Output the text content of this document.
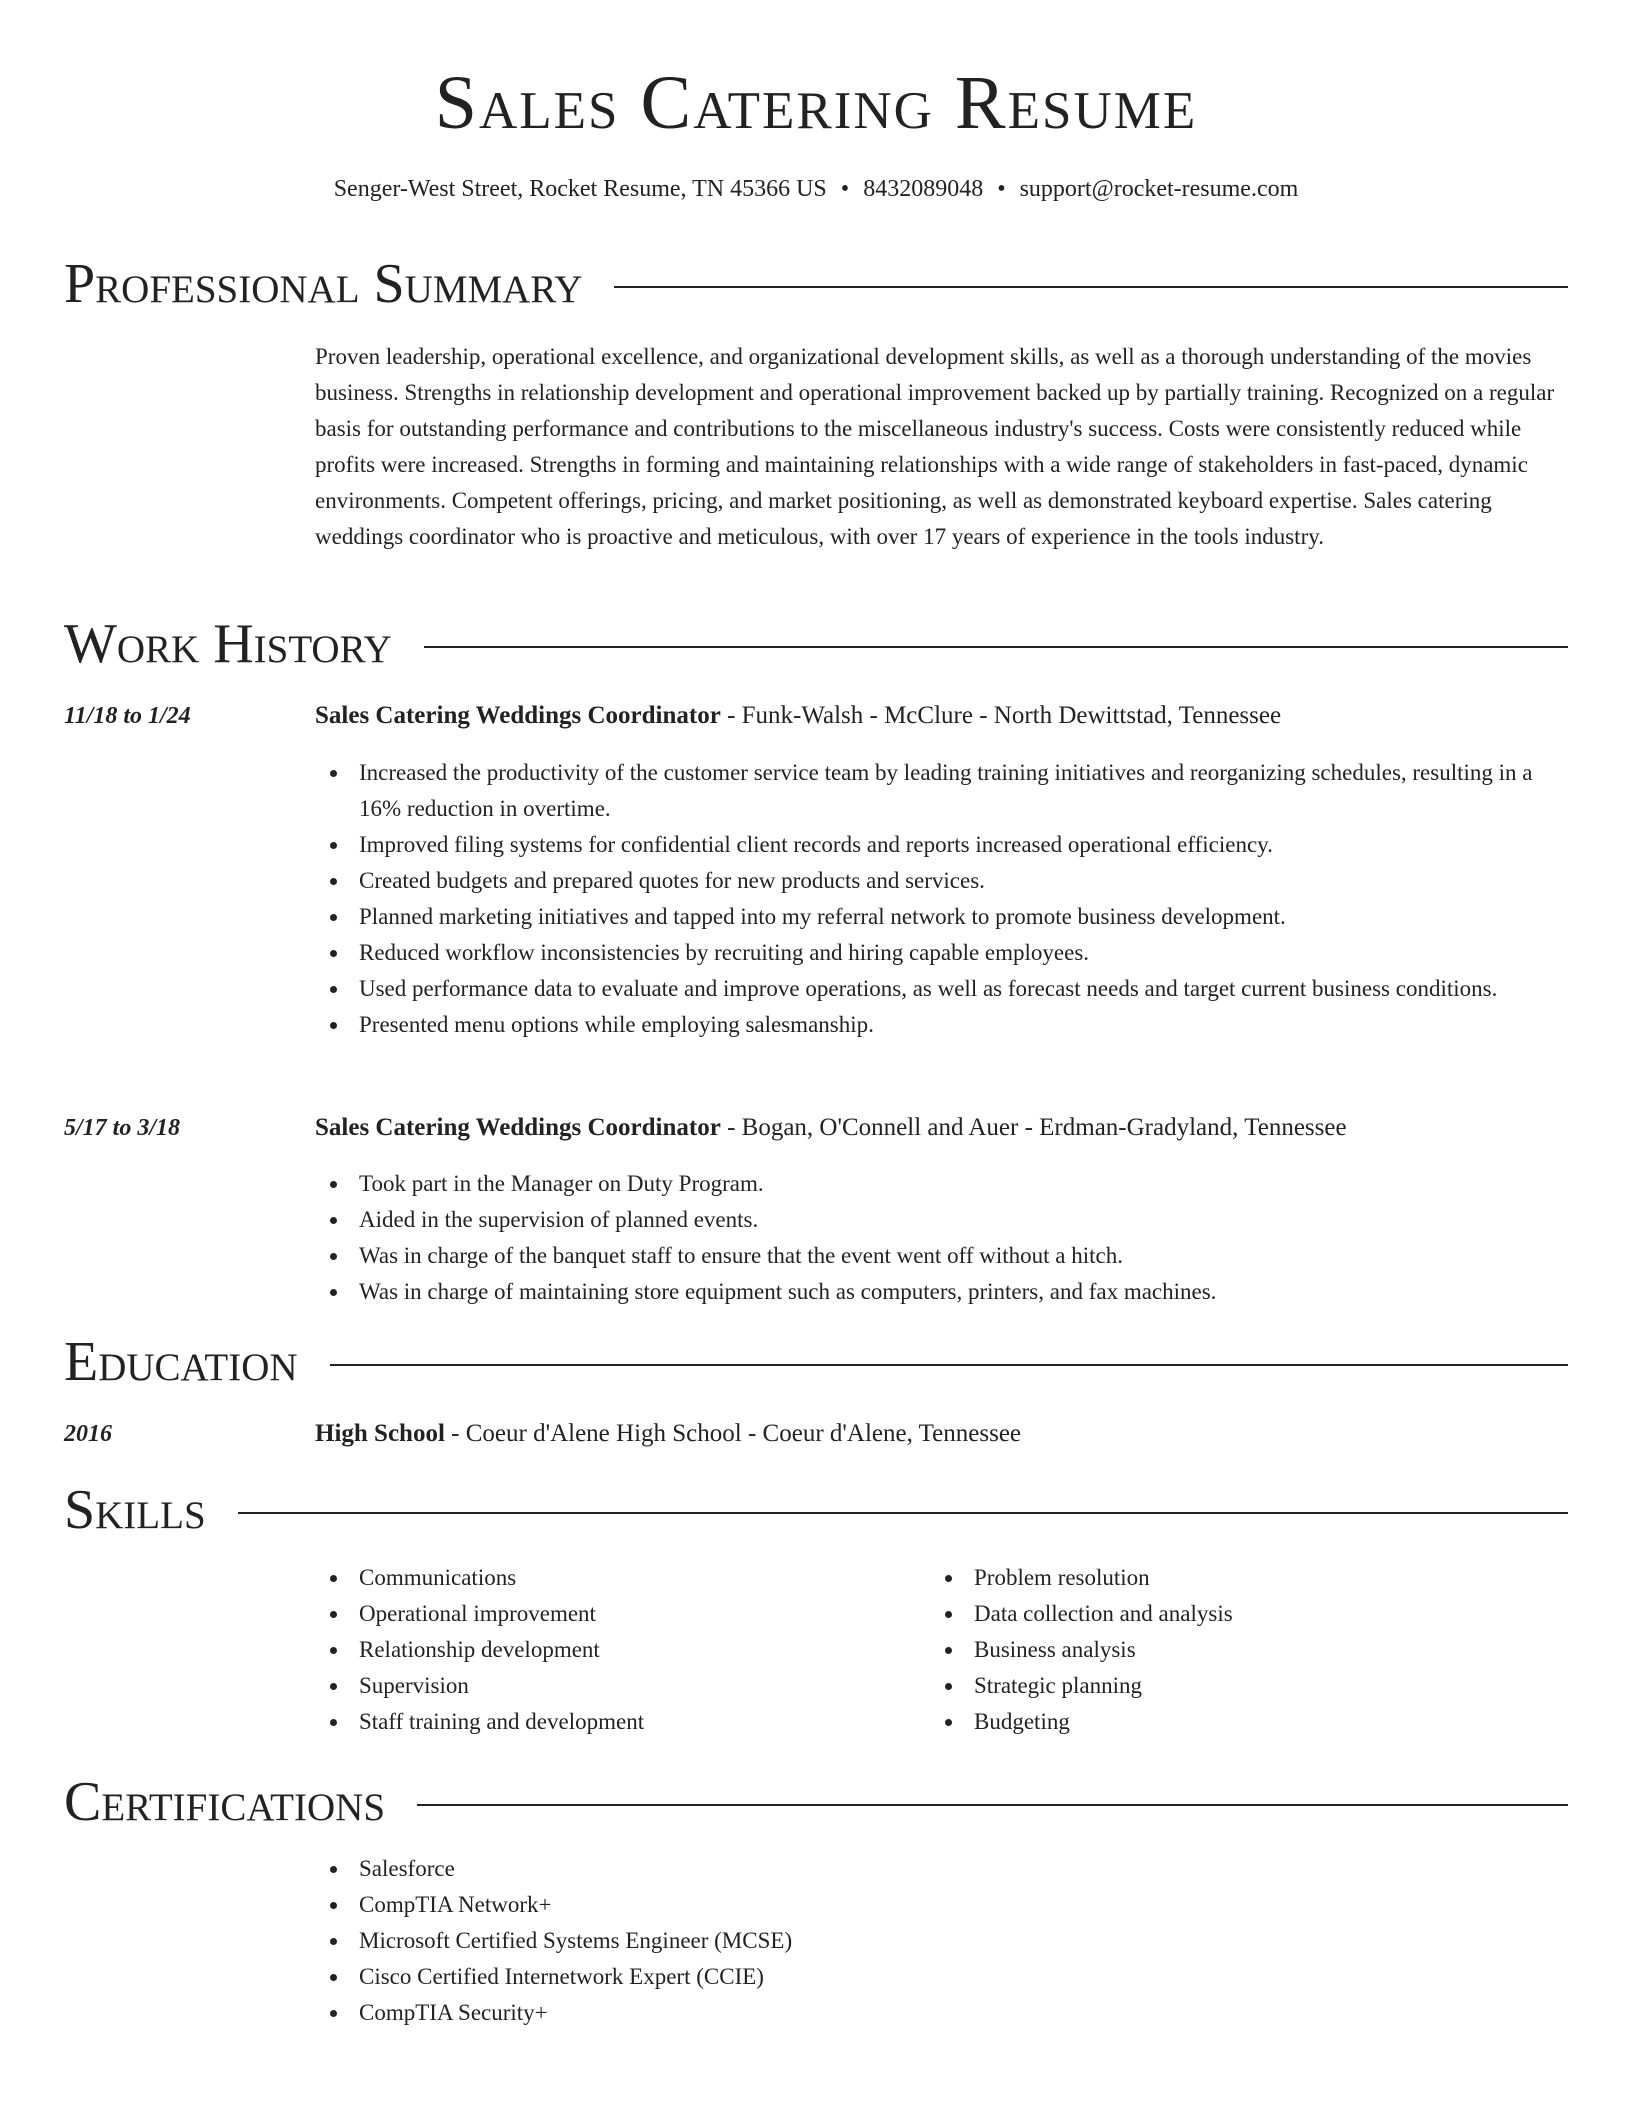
Sales Catering Resume
Senger-West Street, Rocket Resume, TN 45366 US • 8432089048 • support@rocket-resume.com
Professional Summary
Proven leadership, operational excellence, and organizational development skills, as well as a thorough understanding of the movies business. Strengths in relationship development and operational improvement backed up by partially training. Recognized on a regular basis for outstanding performance and contributions to the miscellaneous industry's success. Costs were consistently reduced while profits were increased. Strengths in forming and maintaining relationships with a wide range of stakeholders in fast-paced, dynamic environments. Competent offerings, pricing, and market positioning, as well as demonstrated keyboard expertise. Sales catering weddings coordinator who is proactive and meticulous, with over 17 years of experience in the tools industry.
Work History
11/18 to 1/24	Sales Catering Weddings Coordinator - Funk-Walsh - McClure - North Dewittstad, Tennessee
Increased the productivity of the customer service team by leading training initiatives and reorganizing schedules, resulting in a 16% reduction in overtime.
Improved filing systems for confidential client records and reports increased operational efficiency.
Created budgets and prepared quotes for new products and services.
Planned marketing initiatives and tapped into my referral network to promote business development.
Reduced workflow inconsistencies by recruiting and hiring capable employees.
Used performance data to evaluate and improve operations, as well as forecast needs and target current business conditions.
Presented menu options while employing salesmanship.
5/17 to 3/18	Sales Catering Weddings Coordinator - Bogan, O'Connell and Auer - Erdman-Gradyland, Tennessee
Took part in the Manager on Duty Program.
Aided in the supervision of planned events.
Was in charge of the banquet staff to ensure that the event went off without a hitch.
Was in charge of maintaining store equipment such as computers, printers, and fax machines.
Education
2016	High School - Coeur d'Alene High School - Coeur d'Alene, Tennessee
Skills
Communications
Operational improvement
Relationship development
Supervision
Staff training and development
Problem resolution
Data collection and analysis
Business analysis
Strategic planning
Budgeting
Certifications
Salesforce
CompTIA Network+
Microsoft Certified Systems Engineer (MCSE)
Cisco Certified Internetwork Expert (CCIE)
CompTIA Security+
